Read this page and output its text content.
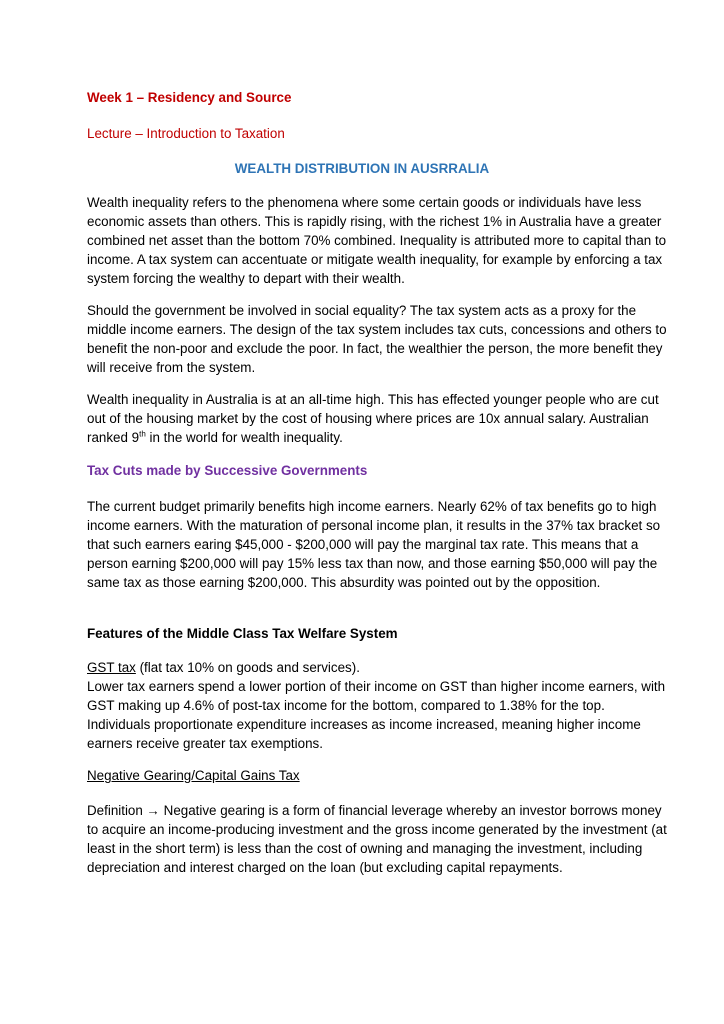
Week 1 – Residency and Source

Lecture – Introduction to Taxation

WEALTH DISTRIBUTION IN AUSRRALIA

Wealth inequality refers to the phenomena where some certain goods or individuals have less economic assets than others. This is rapidly rising, with the richest 1% in Australia have a greater combined net asset than the bottom 70% combined. Inequality is attributed more to capital than to income. A tax system can accentuate or mitigate wealth inequality, for example by enforcing a tax system forcing the wealthy to depart with their wealth.

Should the government be involved in social equality? The tax system acts as a proxy for the middle income earners. The design of the tax system includes tax cuts, concessions and others to benefit the non-poor and exclude the poor. In fact, the wealthier the person, the more benefit they will receive from the system.

Wealth inequality in Australia is at an all-time high. This has effected younger people who are cut out of the housing market by the cost of housing where prices are 10x annual salary. Australian ranked 9th in the world for wealth inequality.

Tax Cuts made by Successive Governments

The current budget primarily benefits high income earners. Nearly 62% of tax benefits go to high income earners. With the maturation of personal income plan, it results in the 37% tax bracket so that such earners earing $45,000 - $200,000 will pay the marginal tax rate. This means that a person earning $200,000 will pay 15% less tax than now, and those earning $50,000 will pay the same tax as those earning $200,000. This absurdity was pointed out by the opposition.

Features of the Middle Class Tax Welfare System

GST tax (flat tax 10% on goods and services).
Lower tax earners spend a lower portion of their income on GST than higher income earners, with GST making up 4.6% of post-tax income for the bottom, compared to 1.38% for the top. Individuals proportionate expenditure increases as income increased, meaning higher income earners receive greater tax exemptions.

Negative Gearing/Capital Gains Tax

Definition → Negative gearing is a form of financial leverage whereby an investor borrows money to acquire an income-producing investment and the gross income generated by the investment (at least in the short term) is less than the cost of owning and managing the investment, including depreciation and interest charged on the loan (but excluding capital repayments.
